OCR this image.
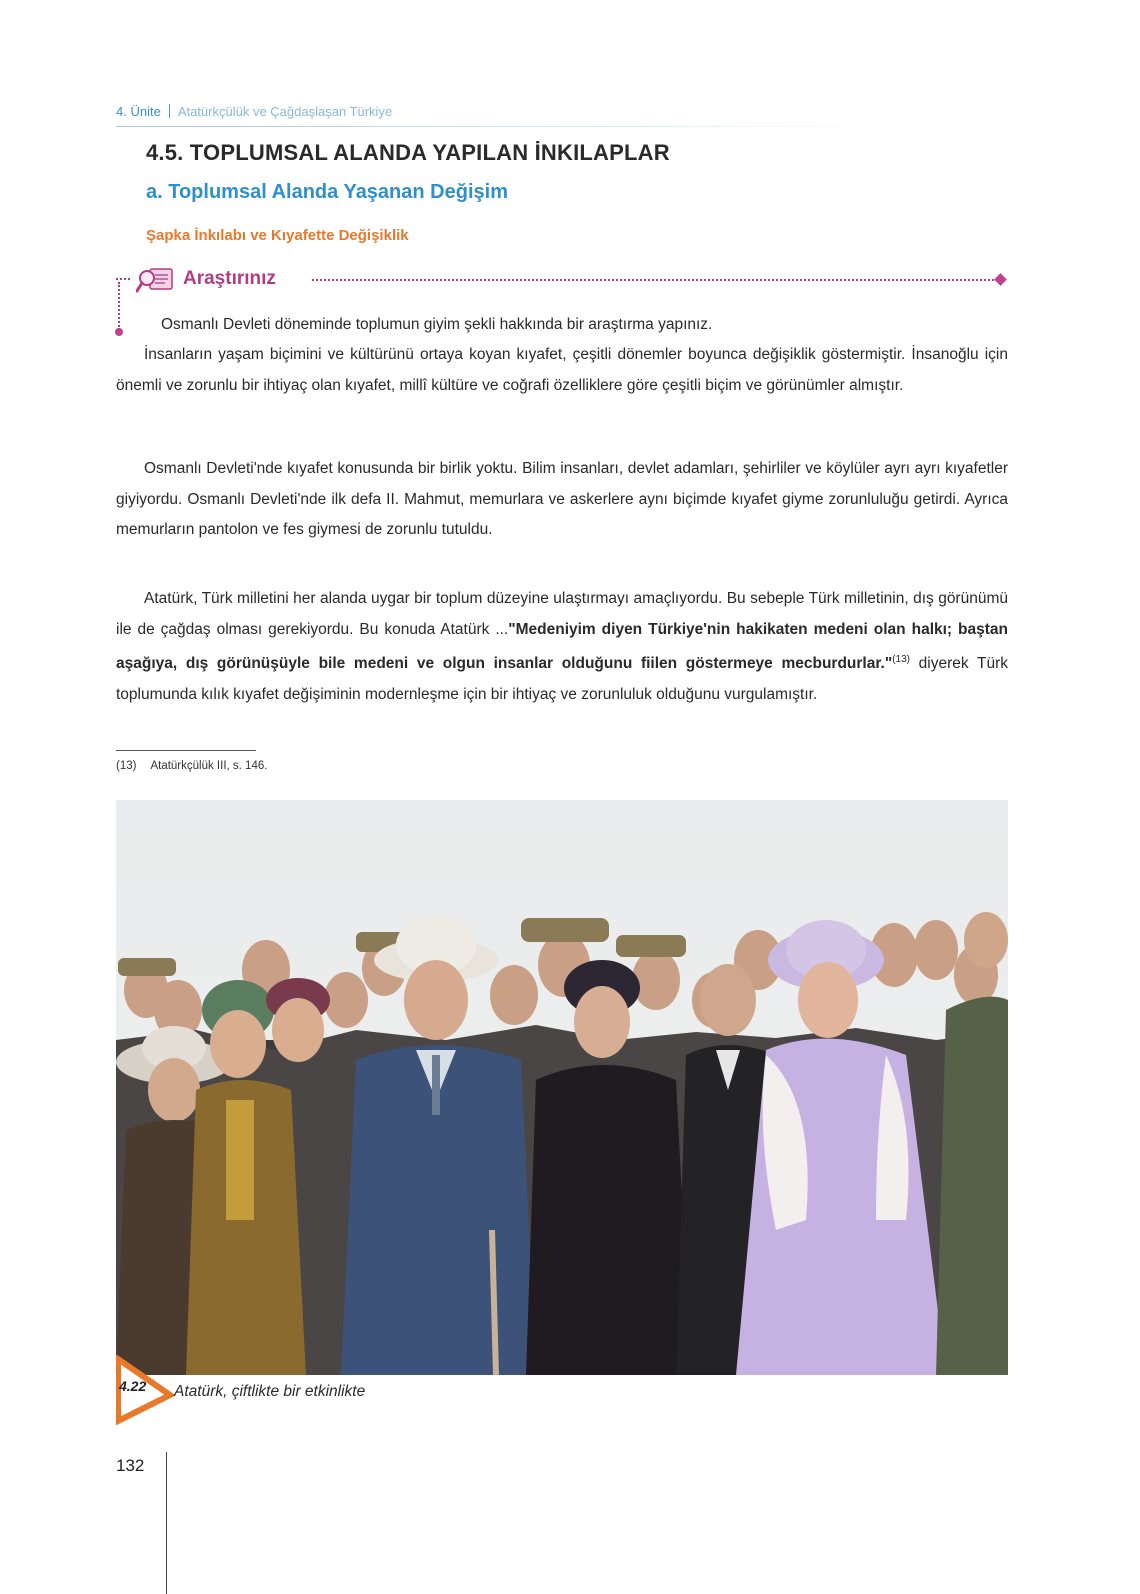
4. Ünite Atatürkçülük ve Çağdaşlaşan Türkiye
4.5. TOPLUMSAL ALANDA YAPILAN İNKILAPLAR
a. Toplumsal Alanda Yaşanan Değişim
Şapka İnkılabı ve Kıyafette Değişiklik
Araştırınız
Osmanlı Devleti döneminde toplumun giyim şekli hakkında bir araştırma yapınız.

İnsanların yaşam biçimini ve kültürünü ortaya koyan kıyafet, çeşitli dönemler boyunca değişiklik göstermiştir. İnsanoğlu için önemli ve zorunlu bir ihtiyaç olan kıyafet, millî kültüre ve coğrafi özelliklere göre çeşitli biçim ve görünümler almıştır.

Osmanlı Devleti'nde kıyafet konusunda bir birlik yoktu. Bilim insanları, devlet adamları, şehirliler ve köylüler ayrı ayrı kıyafetler giyiyordu. Osmanlı Devleti'nde ilk defa II. Mahmut, memurlara ve askerlere aynı biçimde kıyafet giyme zorunluluğu getirdi. Ayrıca memurların pantolon ve fes giymesi de zorunlu tutuldu.

Atatürk, Türk milletini her alanda uygar bir toplum düzeyine ulaştırmayı amaçlıyordu. Bu sebeple Türk milletinin, dış görünümü ile de çağdaş olması gerekiyordu. Bu konuda Atatürk ..."Medeniyim diyen Türkiye'nin hakikaten medeni olan halkı; baştan aşağıya, dış görünüşüyle bile medeni ve olgun insanlar olduğunu fiilen göstermeye mecburdurlar."$^{(13)}$ diyerek Türk toplumunda kılık kıyafet değişiminin modernleşme için bir ihtiyaç ve zorunluluk olduğunu vurgulamıştır.

(13) Atatürkçülük III, s. 146.
4.22 Atatürk, çiftlikte bir etkinlikte
132
